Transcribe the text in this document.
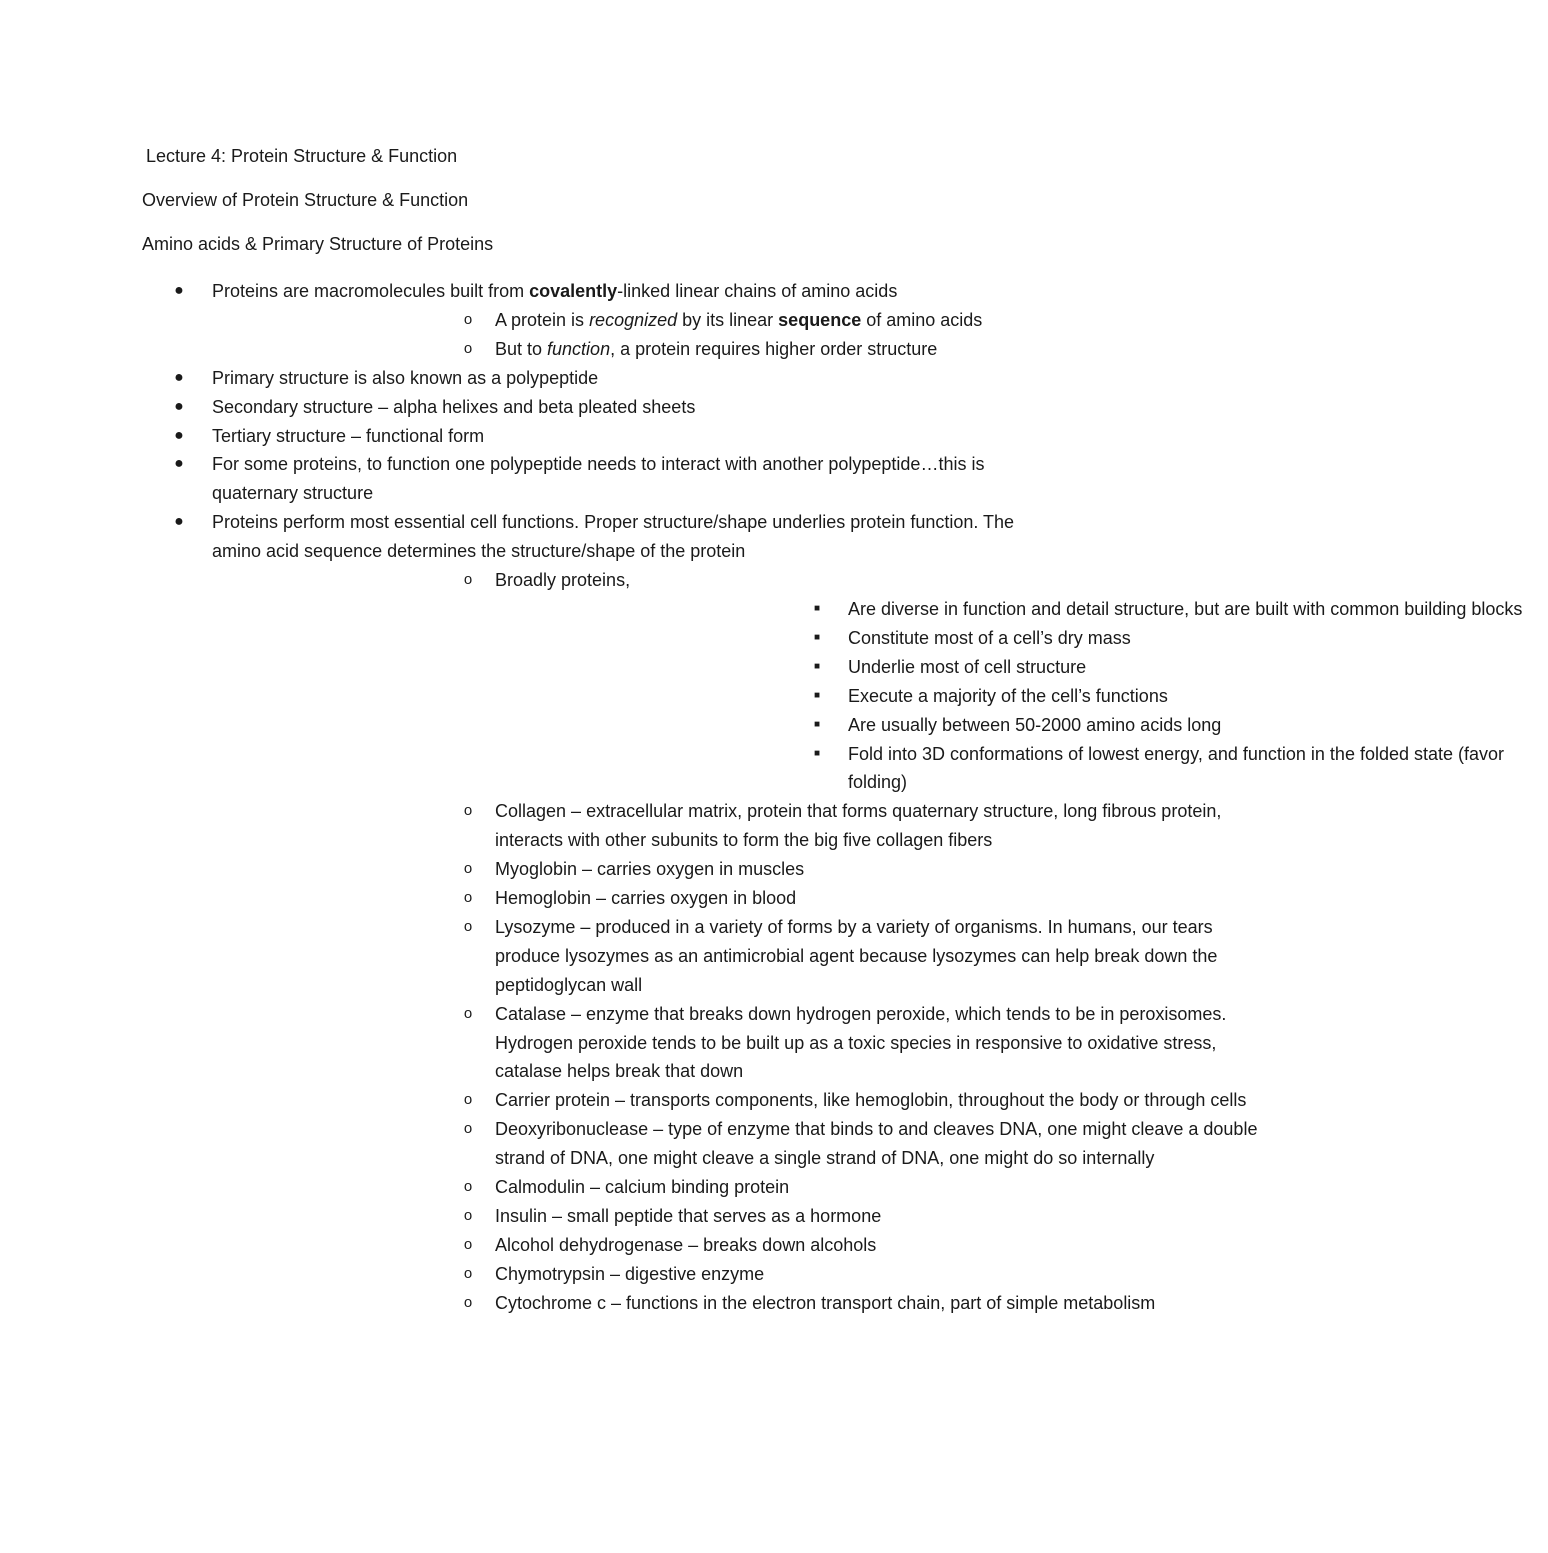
Lecture 4: Protein Structure & Function
Overview of Protein Structure & Function
Amino acids & Primary Structure of Proteins
● Proteins are macromolecules built from covalently-linked linear chains of amino acids
o A protein is recognized by its linear sequence of amino acids
o But to function, a protein requires higher order structure
● Primary structure is also known as a polypeptide
● Secondary structure – alpha helixes and beta pleated sheets
● Tertiary structure – functional form
● For some proteins, to function one polypeptide needs to interact with another polypeptide…this is quaternary structure
● Proteins perform most essential cell functions. Proper structure/shape underlies protein function. The amino acid sequence determines the structure/shape of the protein
o Broadly proteins,
■ Are diverse in function and detail structure, but are built with common building blocks
■ Constitute most of a cell’s dry mass
■ Underlie most of cell structure
■ Execute a majority of the cell’s functions
■ Are usually between 50-2000 amino acids long
■ Fold into 3D conformations of lowest energy, and function in the folded state (favor folding)
o Collagen – extracellular matrix, protein that forms quaternary structure, long fibrous protein, interacts with other subunits to form the big five collagen fibers
o Myoglobin – carries oxygen in muscles
o Hemoglobin – carries oxygen in blood
o Lysozyme – produced in a variety of forms by a variety of organisms. In humans, our tears produce lysozymes as an antimicrobial agent because lysozymes can help break down the peptidoglycan wall
o Catalase – enzyme that breaks down hydrogen peroxide, which tends to be in peroxisomes. Hydrogen peroxide tends to be built up as a toxic species in responsive to oxidative stress, catalase helps break that down
o Carrier protein – transports components, like hemoglobin, throughout the body or through cells
o Deoxyribonuclease – type of enzyme that binds to and cleaves DNA, one might cleave a double strand of DNA, one might cleave a single strand of DNA, one might do so internally
o Calmodulin – calcium binding protein
o Insulin – small peptide that serves as a hormone
o Alcohol dehydrogenase – breaks down alcohols
o Chymotrypsin – digestive enzyme
o Cytochrome c – functions in the electron transport chain, part of simple metabolism
